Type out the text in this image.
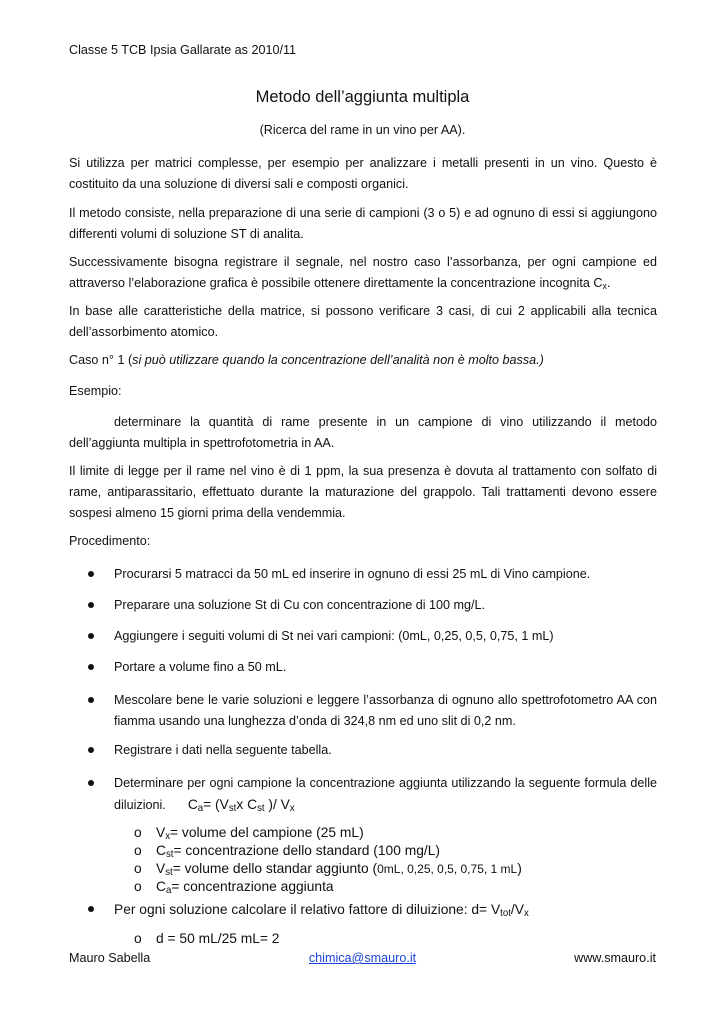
Classe 5 TCB Ipsia Gallarate as 2010/11
Metodo dell’aggiunta multipla
(Ricerca del rame in un vino per AA).
Si utilizza per matrici complesse, per esempio per analizzare i metalli presenti in un vino. Questo è costituito da una soluzione di diversi sali e composti organici.
Il metodo consiste, nella preparazione di una serie di campioni (3 o 5) e ad ognuno di essi si aggiungono differenti volumi di soluzione ST di analita.
Successivamente bisogna registrare il segnale, nel nostro caso l’assorbanza, per ogni campione ed attraverso l’elaborazione grafica è possibile ottenere direttamente la concentrazione incognita $C_x$.
In base alle caratteristiche della matrice, si possono verificare 3 casi, di cui 2 applicabili alla tecnica dell’assorbimento atomico.
Caso n° 1 (si può utilizzare quando la concentrazione dell’analità non è molto bassa.)
Esempio:
determinare la quantità di rame presente in un campione di vino utilizzando il metodo dell’aggiunta multipla in spettrofotometria in AA.
Il limite di legge per il rame nel vino è di 1 ppm, la sua presenza è dovuta al trattamento con solfato di rame, antiparassitario, effettuato durante la maturazione del grappolo. Tali trattamenti devono essere sospesi almeno 15 giorni prima della vendemmia.
Procedimento:
Procurarsi 5 matracci da 50 mL ed inserire in ognuno di essi 25 mL di Vino campione.
Preparare una soluzione St di Cu con concentrazione di 100 mg/L.
Aggiungere i seguiti volumi di St nei vari campioni: (0mL, 0,25, 0,5, 0,75, 1 mL)
Portare a volume fino a 50 mL.
Mescolare bene le varie soluzioni e leggere l’assorbanza di ognuno allo spettrofotometro AA con fiamma usando una lunghezza d’onda di 324,8 nm ed uno slit di 0,2 nm.
Registrare i dati nella seguente tabella.
Determinare per ogni campione la concentrazione aggiunta utilizzando la seguente formula delle diluizioni. $C_a= (V_{st}x$ $C_{st}$ )/ $V_x$
o $V_x=$ volume del campione (25 mL)
o $C_{st}=$ concentrazione dello standard (100 mg/L)
o $V_{st}=$ volume dello standar aggiunto (0mL, 0,25, 0,5, 0,75, 1 mL)
o $C_a=$ concentrazione aggiunta
Per ogni soluzione calcolare il relativo fattore di diluizione: $d= V_{tot}/V_x$
o d = 50 mL/25 mL= 2
Mauro Sabella	chimica@smauro.it	www.smauro.it
